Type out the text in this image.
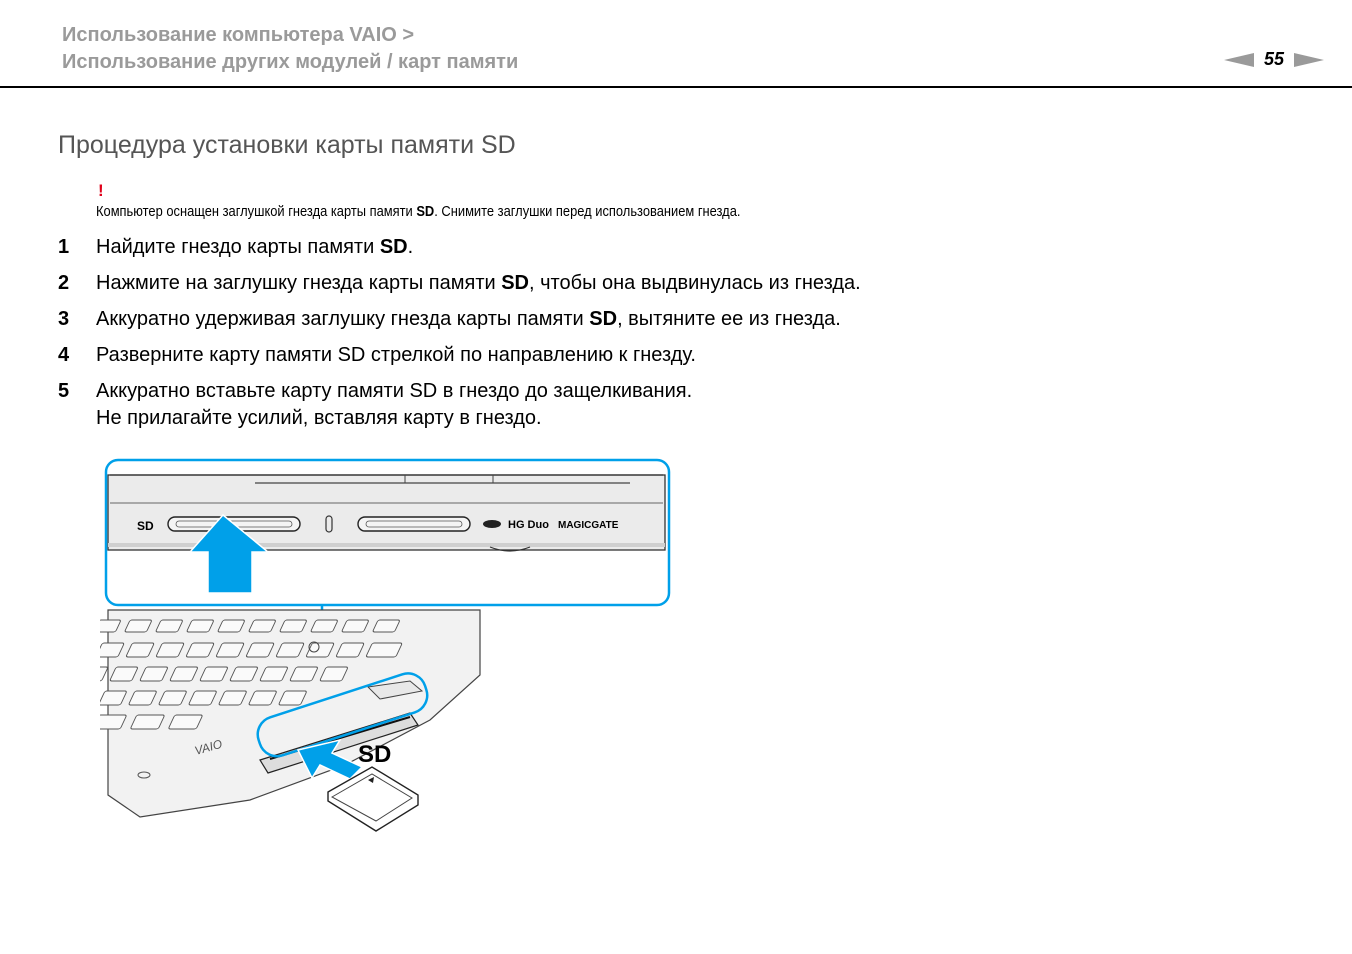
Использование компьютера VAIO >
Использование других модулей / карт памяти	55
Процедура установки карты памяти SD
!
Компьютер оснащен заглушкой гнезда карты памяти SD. Снимите заглушки перед использованием гнезда.
1	Найдите гнездо карты памяти SD.
2	Нажмите на заглушку гнезда карты памяти SD, чтобы она выдвинулась из гнезда.
3	Аккуратно удерживая заглушку гнезда карты памяти SD, вытяните ее из гнезда.
4	Разверните карту памяти SD стрелкой по направлению к гнезду.
5	Аккуратно вставьте карту памяти SD в гнездо до защелкивания.
Не прилагайте усилий, вставляя карту в гнездо.
SD	HG Duo MAGICGATE
VAIO	SD
